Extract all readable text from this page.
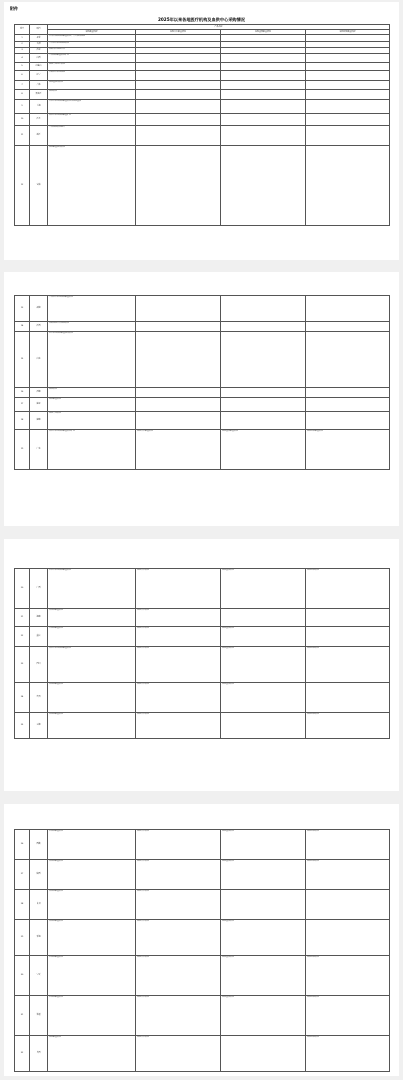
附件
2025年以来各地医疗机构及血供中心采购情况
序号	项目	产品名称			
		采购数量情况	采购单位数量情况	采购金额数量情况	采购时间数量情况
1	北京	市集中采购采购数量情况，合计完成采购			
2	天津	全市医疗机构采购情况			
3	河北	省级集中采购平台			
4	山西	全省采购数量情况汇总			
5	内蒙古	采购合同签订情况			
6	辽宁	市级医疗机构采购			
7	吉林	采购量完成情况			
8	黑龙江	采购情况			
9	上海	市医疗机构采购数量情况及采购金额			
10	江苏	省医疗机构采购数量汇总			
11	浙江	全省采购情况统计			
12	安徽	采购数量完成情况			
13	福建	全省医疗机构采购数量情况			
14	江西	省级采购平台采购情况			
15	山东	医疗机构采购数量完成情况			
16	河南	采购情况			
17	湖北	采购数量情况			
18	湖南	采购合同情况			
19	广东	省医疗机构采购数量情况汇总	采购单位数量情况	采购金额数量情况	采购时间数量情况
20	广西	区医疗机构采购数量情况	采购单位情况	采购金额情况	采购时间情况
21	海南	省采购数量情况	采购单位情况		
22	重庆	市采购数量情况	采购单位情况	采购金额情况	
23	四川	省医疗机构采购数量情况	采购单位情况	采购金额情况	采购时间情况
24	贵州	省采购数量情况	采购单位情况	采购金额情况	
25	云南	省采购数量情况	采购单位情况		采购时间情况
26	西藏	区采购数量情况	采购单位情况	采购金额情况	采购时间情况
27	陕西	省采购数量情况	采购单位情况	采购金额情况	采购时间情况
28	甘肃	省采购数量情况	采购单位情况		
29	青海	省采购数量情况	采购单位情况	采购金额情况	
30	宁夏	区采购数量情况	采购单位情况	采购金额情况	采购时间情况
31	新疆	区采购数量情况	采购单位情况	采购金额情况	采购时间情况
32	兵团	采购数量情况	采购单位情况		采购时间情况
